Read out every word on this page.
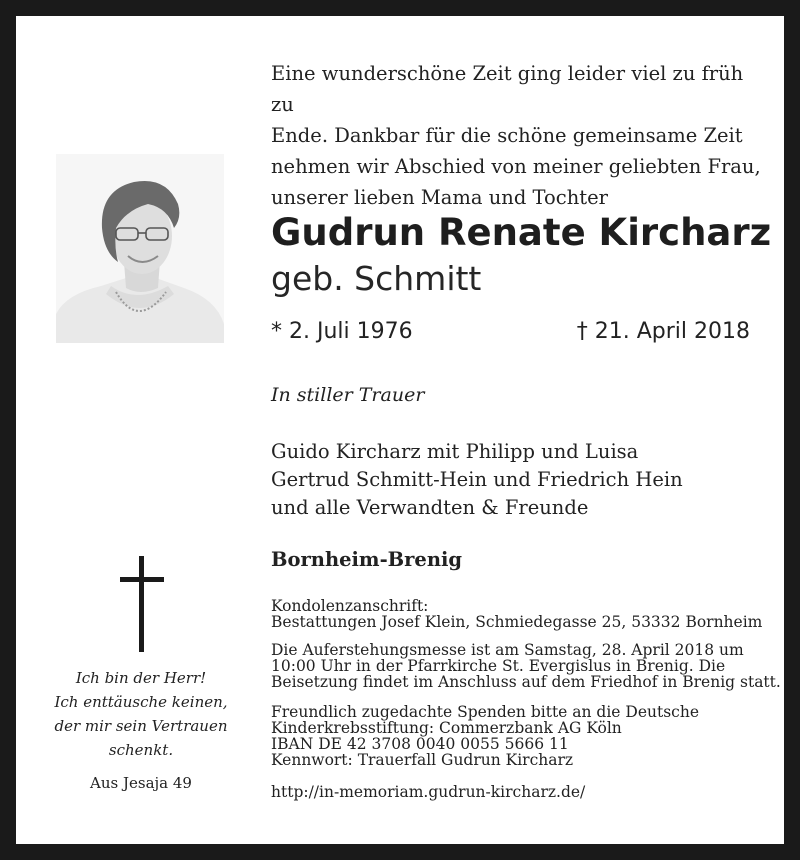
Eine wunderschöne Zeit ging leider viel zu früh zu
Ende. Dankbar für die schöne gemeinsame Zeit
nehmen wir Abschied von meiner geliebten Frau,
unserer lieben Mama und Tochter
Gudrun Renate Kircharz
geb. Schmitt
* 2. Juli 1976	† 21. April 2018
In stiller Trauer
Guido Kircharz mit Philipp und Luisa
Gertrud Schmitt-Hein und Friedrich Hein
und alle Verwandten & Freunde
Bornheim-Brenig
Kondolenzanschrift:
Bestattungen Josef Klein, Schmiedegasse 25, 53332 Bornheim
Die Auferstehungsmesse ist am Samstag, 28. April 2018 um
10:00 Uhr in der Pfarrkirche St. Evergislus in Brenig. Die
Beisetzung findet im Anschluss auf dem Friedhof in Brenig statt.
Freundlich zugedachte Spenden bitte an die Deutsche
Kinderkrebsstiftung: Commerzbank AG Köln
IBAN DE 42 3708 0040 0055 5666 11
Kennwort: Trauerfall Gudrun Kircharz
http://in-memoriam.gudrun-kircharz.de/
Ich bin der Herr!
Ich enttäusche keinen,
der mir sein Vertrauen
schenkt.
Aus Jesaja 49
